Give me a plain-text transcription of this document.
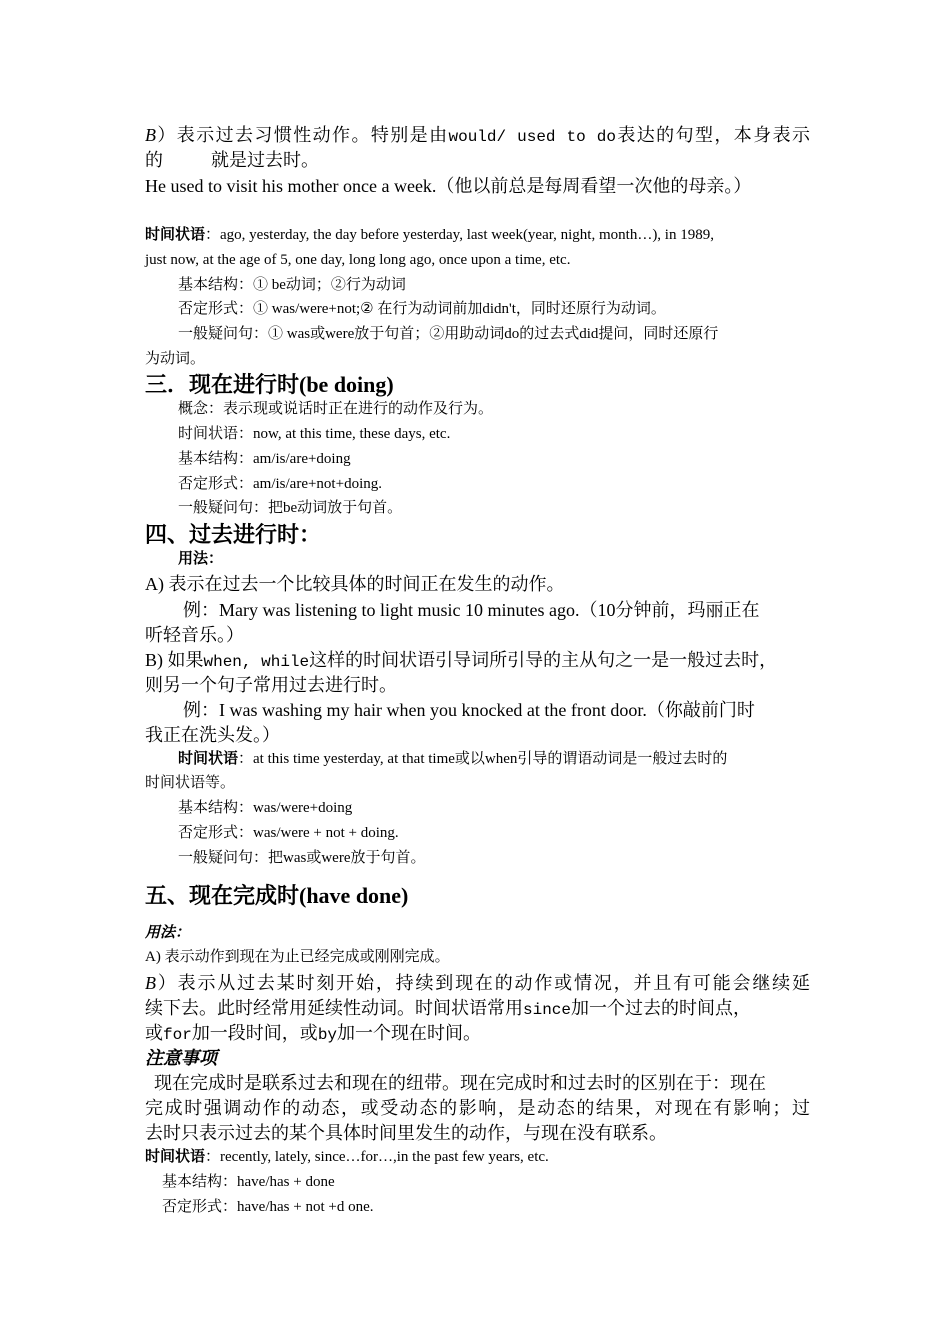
B）表示过去习惯性动作。特别是由would/ used to do表达的句型，本身表示
的	就是过去时。
He used to visit his mother once a week.（他以前总是每周看望一次他的母亲。）
时间状语：ago, yesterday, the day before yesterday, last week(year, night, month…), in 1989,
just now, at the age of 5, one day, long long ago, once upon a time, etc.
基本结构：① be动词；②行为动词
否定形式：① was/were+not;② 在行为动词前加didn't，同时还原行为动词。
一般疑问句：① was或were放于句首；②用助动词do的过去式did提问，同时还原行
为动词。
三．现在进行时(be doing)
概念：表示现或说话时正在进行的动作及行为。
时间状语：now, at this time, these days, etc.
基本结构：am/is/are+doing
否定形式：am/is/are+not+doing.
一般疑问句：把be动词放于句首。
四、过去进行时：
用法：
A) 表示在过去一个比较具体的时间正在发生的动作。
例：Mary was listening to light music 10 minutes ago.（10分钟前，玛丽正在
听轻音乐。）
B) 如果when, while这样的时间状语引导词所引导的主从句之一是一般过去时，
则另一个句子常用过去进行时。
例：I was washing my hair when you knocked at the front door.（你敲前门时
我正在洗头发。）
时间状语：at this time yesterday, at that time或以when引导的谓语动词是一般过去时的
时间状语等。
基本结构：was/were+doing
否定形式：was/were + not + doing.
一般疑问句：把was或were放于句首。
五、现在完成时(have done)
用法：
A) 表示动作到现在为止已经完成或刚刚完成。
B）表示从过去某时刻开始，持续到现在的动作或情况，并且有可能会继续延
续下去。此时经常用延续性动词。时间状语常用since加一个过去的时间点，
或for加一段时间，或by加一个现在时间。
注意事项
现在完成时是联系过去和现在的纽带。现在完成时和过去时的区别在于：现在
完成时强调动作的动态，或受动态的影响，是动态的结果，对现在有影响；过
去时只表示过去的某个具体时间里发生的动作，与现在没有联系。
时间状语：recently, lately, since…for…,in the past few years, etc.
基本结构：have/has + done
否定形式：have/has + not +d one.
